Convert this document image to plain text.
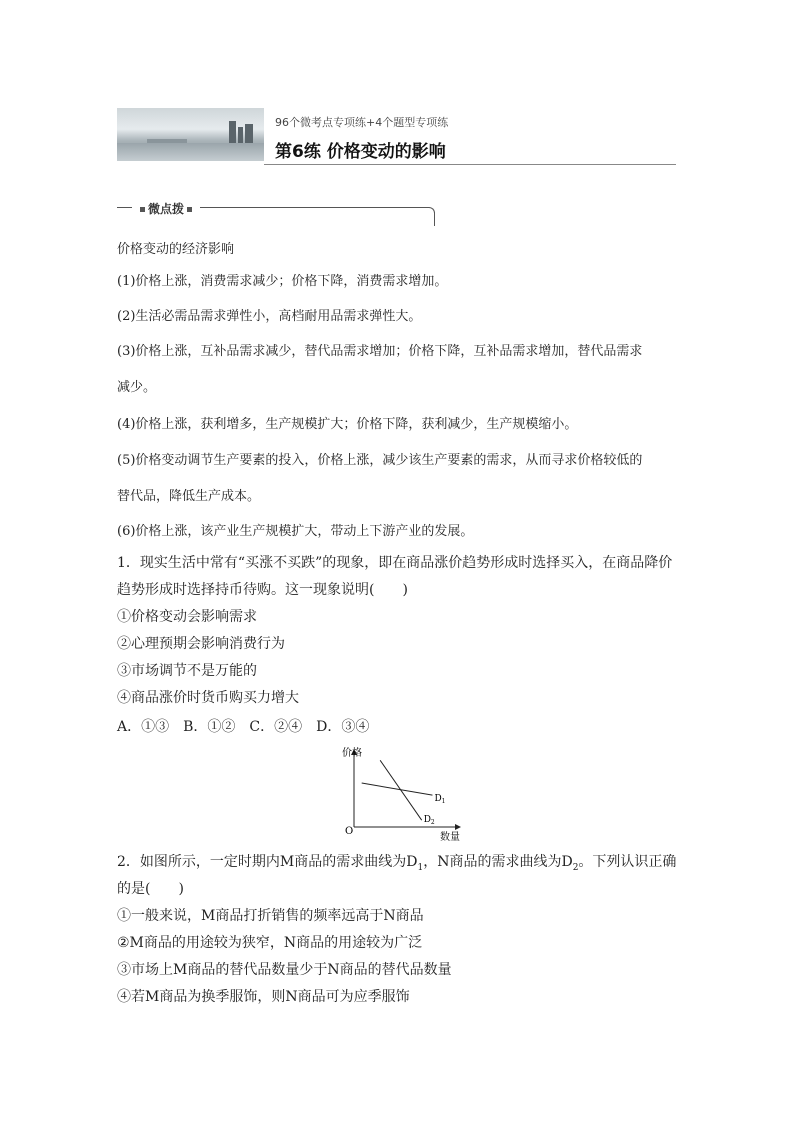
96个微考点专项练+4个题型专项练
第6练 价格变动的影响
微点拨
价格变动的经济影响
(1)价格上涨，消费需求减少；价格下降，消费需求增加。
(2)生活必需品需求弹性小，高档耐用品需求弹性大。
(3)价格上涨，互补品需求减少，替代品需求增加；价格下降，互补品需求增加，替代品需求
减少。
(4)价格上涨，获利增多，生产规模扩大；价格下降，获利减少，生产规模缩小。
(5)价格变动调节生产要素的投入，价格上涨，减少该生产要素的需求，从而寻求价格较低的
替代品，降低生产成本。
(6)价格上涨，该产业生产规模扩大，带动上下游产业的发展。
1．现实生活中常有“买涨不买跌”的现象，即在商品涨价趋势形成时选择买入，在商品降价
趋势形成时选择持币待购。这一现象说明(　　)
①价格变动会影响需求
②心理预期会影响消费行为
③市场调节不是万能的
④商品涨价时货币购买力增大
A．①③　B．①②　C．②④　D．③④
价格
数量
O
$D_1$
$D_2$
2．如图所示，一定时期内M商品的需求曲线为$D_1$，N商品的需求曲线为$D_2$。下列认识正确
的是(　　)
①一般来说，M商品打折销售的频率远高于N商品
②M商品的用途较为狭窄，N商品的用途较为广泛
③市场上M商品的替代品数量少于N商品的替代品数量
④若M商品为换季服饰，则N商品可为应季服饰
